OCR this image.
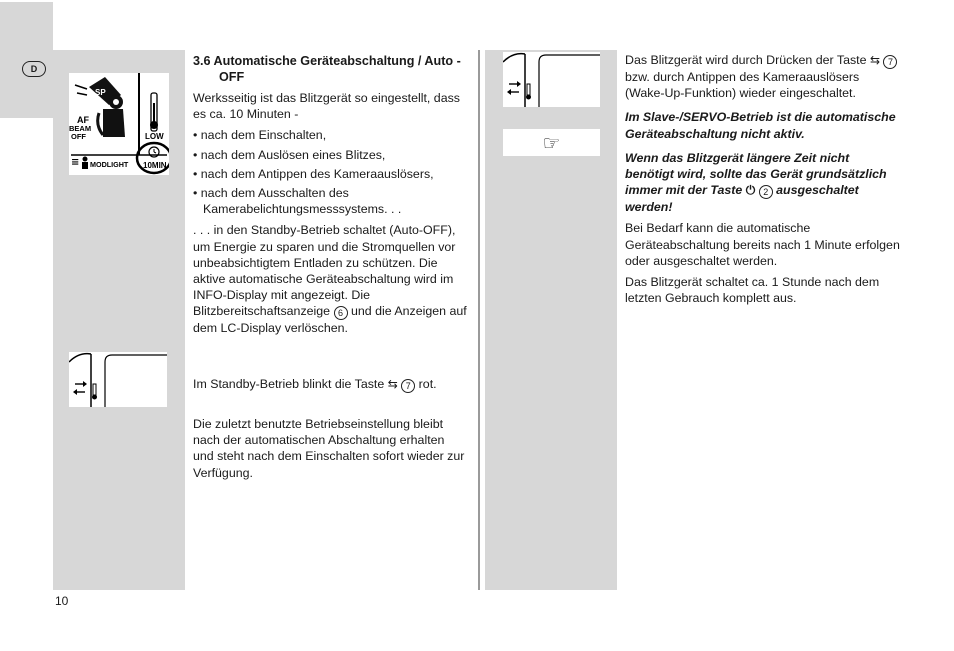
D
SP
AF
BEAM
OFF	LOW
≡ MODLIGHT 10MIN
☞
3.6 Automatische Geräteabschaltung / Auto - OFF

Werksseitig ist das Blitzgerät so eingestellt, dass es ca. 10 Minuten -

• nach dem Einschalten,
• nach dem Auslösen eines Blitzes,
• nach dem Antippen des Kameraauslösers,
• nach dem Ausschalten des Kamerabelichtungsmesssystems. . .

. . . in den Standby-Betrieb schaltet (Auto-OFF), um Energie zu sparen und die Stromquellen vor unbeabsichtigtem Entladen zu schützen. Die aktive automatische Geräteabschaltung wird im INFO-Display mit angezeigt. Die Blitzbereitschaftsanzeige 6 und die Anzeigen auf dem LC-Display verlöschen.

Im Standby-Betrieb blinkt die Taste ⇆ 7 rot.
Die zuletzt benutzte Betriebseinstellung bleibt nach der automatischen Abschaltung erhalten und steht nach dem Einschalten sofort wieder zur Verfügung.

Das Blitzgerät wird durch Drücken der Taste ⇆ 7 bzw. durch Antippen des Kameraauslösers (Wake-Up-Funktion) wieder eingeschaltet.

Im Slave-/SERVO-Betrieb ist die automatische Geräteabschaltung nicht aktiv.

Wenn das Blitzgerät längere Zeit nicht benötigt wird, sollte das Gerät grundsätzlich immer mit der Taste ⏻ 2 ausgeschaltet werden!

Bei Bedarf kann die automatische Geräteabschaltung bereits nach 1 Minute erfolgen oder ausgeschaltet werden.

Das Blitzgerät schaltet ca. 1 Stunde nach dem letzten Gebrauch komplett aus.

10
